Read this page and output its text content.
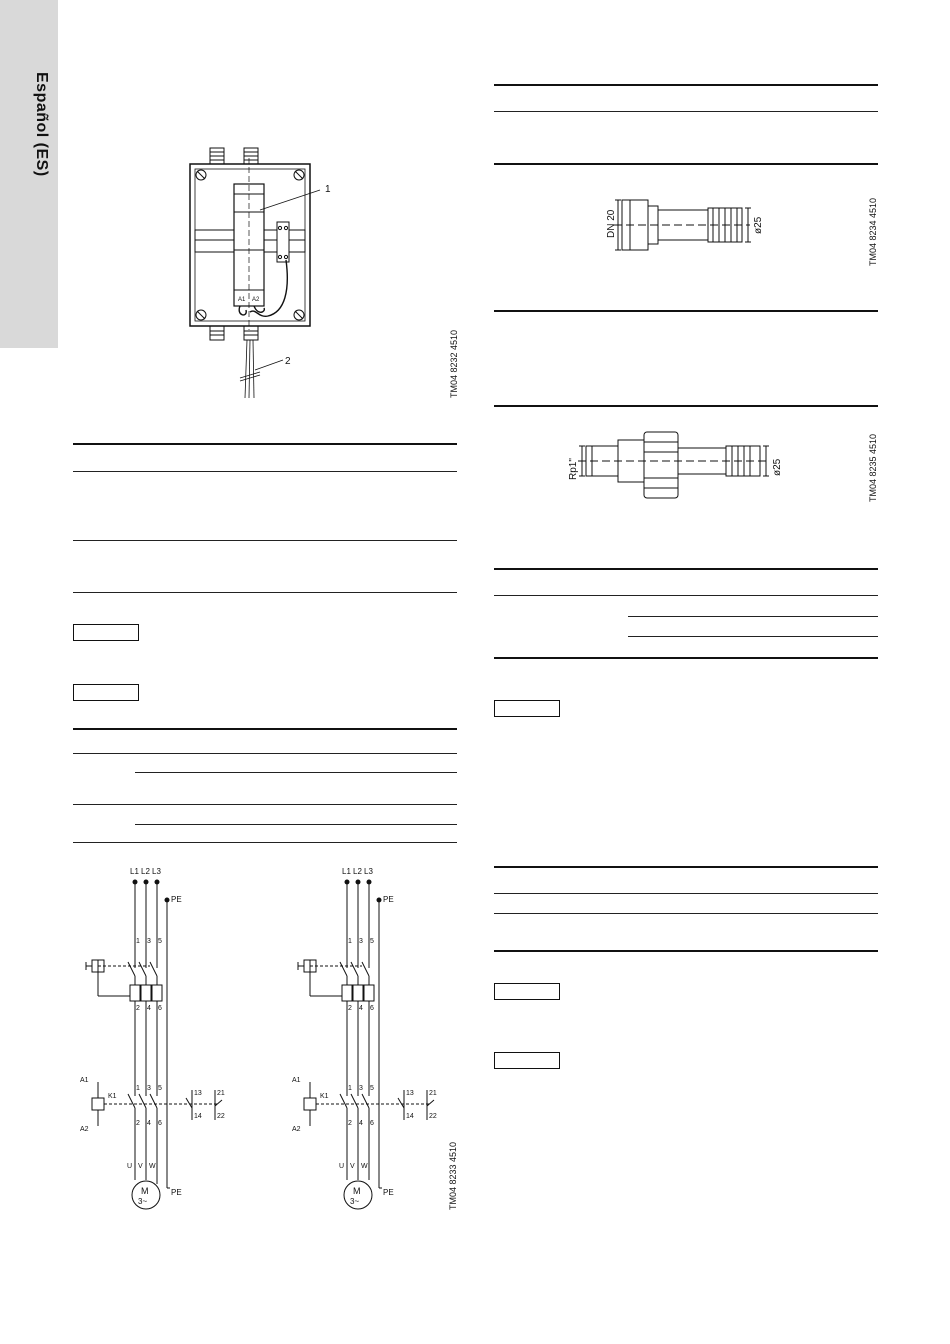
Español (ES)
A1 A2
1
2	TM04 8232 4510
L1 L2 L3
PE
1 3 5
2 4 6
A1
A2
K1
1 3 5
2 4 6
13 21
14 22
U V W
M
3~
PE
L1 L2 L3
PE
1 3 5
2 4 6
A1
A2
K1
1 3 5
2 4 6
13 21
14 22
U V W
M
3~
PE	TM04 8233 4510
DN 20	ø25	TM04 8234 4510
Rp1"	ø25	TM04 8235 4510
